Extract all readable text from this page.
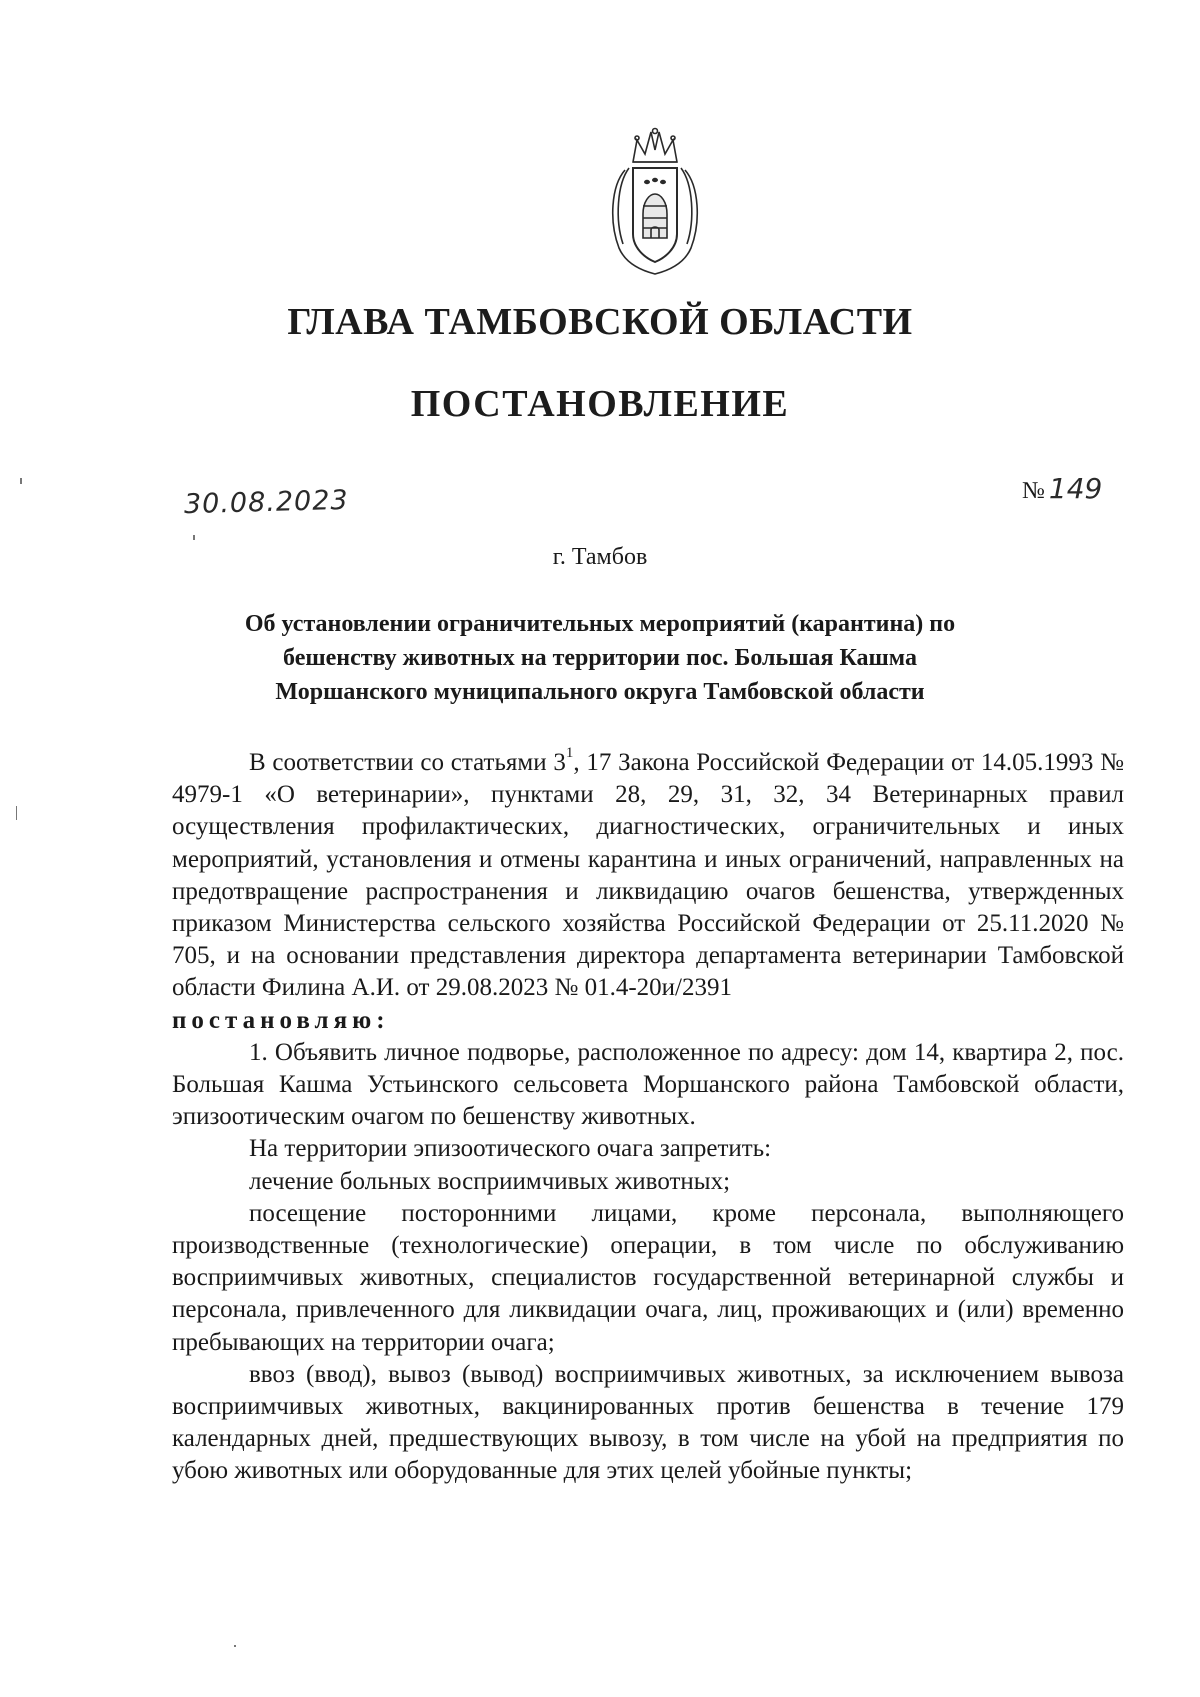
ГЛАВА ТАМБОВСКОЙ ОБЛАСТИ
ПОСТАНОВЛЕНИЕ
30.08.2023	№ 149
г. Тамбов
Об установлении ограничительных мероприятий (карантина) по
бешенству животных на территории пос. Большая Кашма
Моршанского муниципального округа Тамбовской области

В соответствии со статьями $3^1$, 17 Закона Российской Федерации от 14.05.1993 № 4979-1 «О ветеринарии», пунктами 28, 29, 31, 32, 34 Ветеринарных правил осуществления профилактических, диагностических, ограничительных и иных мероприятий, установления и отмены карантина и иных ограничений, направленных на предотвращение распространения и ликвидацию очагов бешенства, утвержденных приказом Министерства сельского хозяйства Российской Федерации от 25.11.2020 № 705, и на основании представления директора департамента ветеринарии Тамбовской области Филина А.И. от 29.08.2023 № 01.4-20и/2391

постановляю:

1. Объявить личное подворье, расположенное по адресу: дом 14, квартира 2, пос. Большая Кашма Устьинского сельсовета Моршанского района Тамбовской области, эпизоотическим очагом по бешенству животных.

На территории эпизоотического очага запретить:

лечение больных восприимчивых животных;

посещение посторонними лицами, кроме персонала, выполняющего производственные (технологические) операции, в том числе по обслуживанию восприимчивых животных, специалистов государственной ветеринарной службы и персонала, привлеченного для ликвидации очага, лиц, проживающих и (или) временно пребывающих на территории очага;

ввоз (ввод), вывоз (вывод) восприимчивых животных, за исключением вывоза восприимчивых животных, вакцинированных против бешенства в течение 179 календарных дней, предшествующих вывозу, в том числе на убой на предприятия по убою животных или оборудованные для этих целей убойные пункты;
